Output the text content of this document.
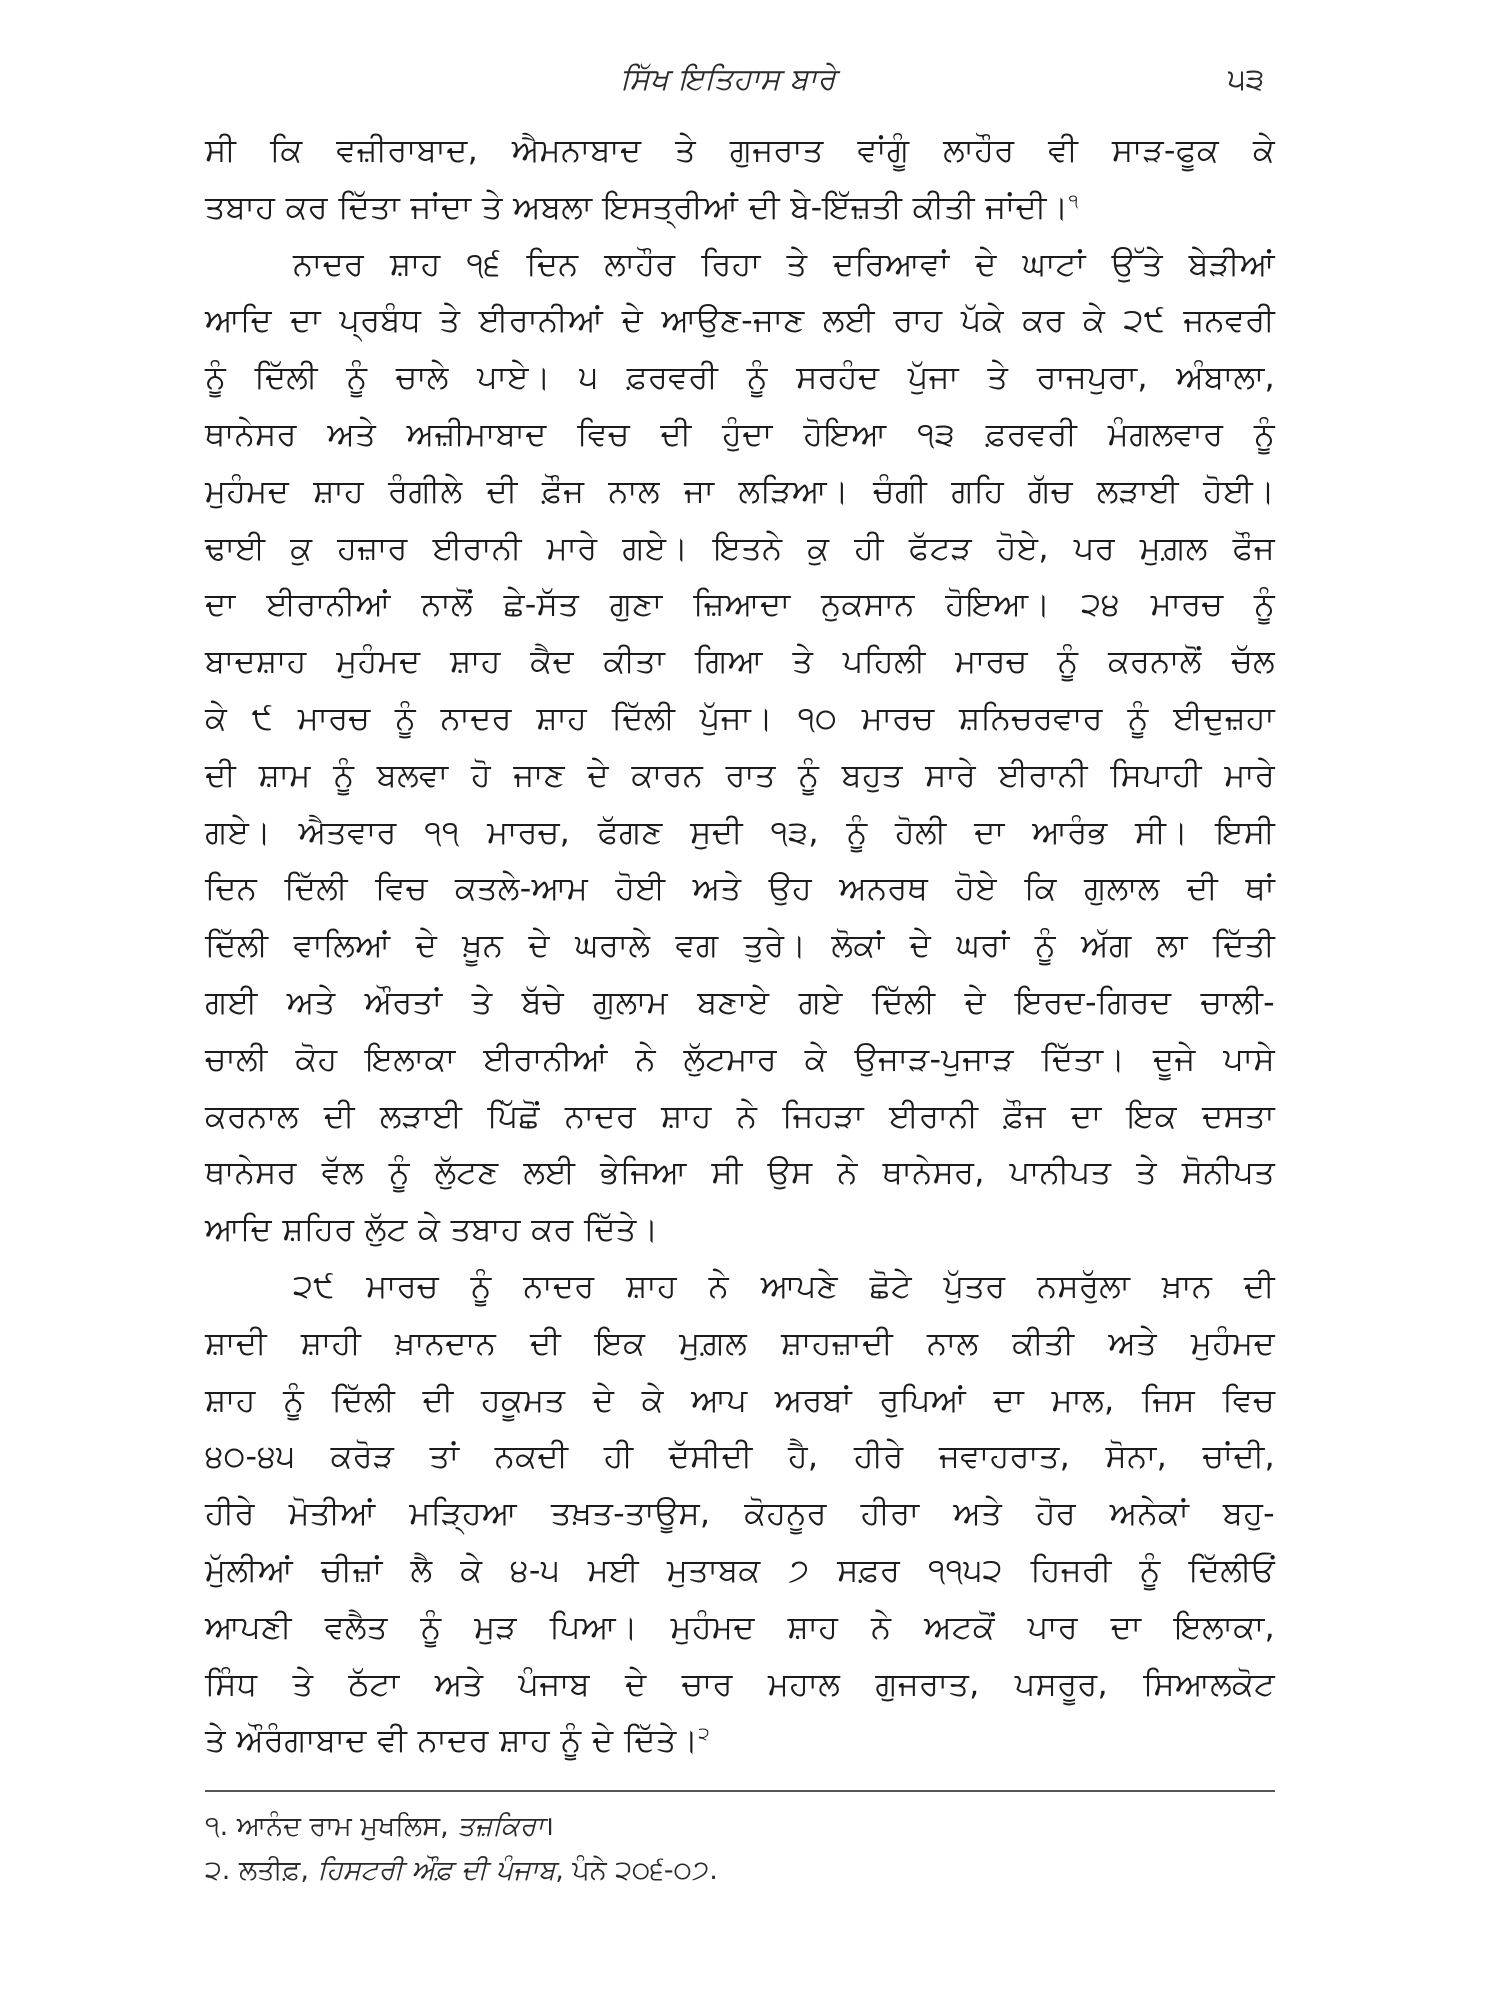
ਸਿੱਖ ਇਤਿਹਾਸ ਬਾਰੇ	੫੩
ਸੀ ਕਿ ਵਜ਼ੀਰਾਬਾਦ, ਐਮਨਾਬਾਦ ਤੇ ਗੁਜਰਾਤ ਵਾਂਗੂੰ ਲਾਹੌਰ ਵੀ ਸਾੜ-ਫੂਕ ਕੇ
ਤਬਾਹ ਕਰ ਦਿੱਤਾ ਜਾਂਦਾ ਤੇ ਅਬਲਾ ਇਸਤ੍ਰੀਆਂ ਦੀ ਬੇ-ਇੱਜ਼ਤੀ ਕੀਤੀ ਜਾਂਦੀ।$^੧$
ਨਾਦਰ ਸ਼ਾਹ ੧੬ ਦਿਨ ਲਾਹੌਰ ਰਿਹਾ ਤੇ ਦਰਿਆਵਾਂ ਦੇ ਘਾਟਾਂ ਉੱਤੇ ਬੇੜੀਆਂ
ਆਦਿ ਦਾ ਪ੍ਰਬੰਧ ਤੇ ਈਰਾਨੀਆਂ ਦੇ ਆਉਣ-ਜਾਣ ਲਈ ਰਾਹ ਪੱਕੇ ਕਰ ਕੇ ੨੯ ਜਨਵਰੀ
ਨੂੰ ਦਿੱਲੀ ਨੂੰ ਚਾਲੇ ਪਾਏ। ੫ ਫ਼ਰਵਰੀ ਨੂੰ ਸਰਹੰਦ ਪੁੱਜਾ ਤੇ ਰਾਜਪੁਰਾ, ਅੰਬਾਲਾ,
ਥਾਨੇਸਰ ਅਤੇ ਅਜ਼ੀਮਾਬਾਦ ਵਿਚ ਦੀ ਹੁੰਦਾ ਹੋਇਆ ੧੩ ਫ਼ਰਵਰੀ ਮੰਗਲਵਾਰ ਨੂੰ
ਮੁਹੰਮਦ ਸ਼ਾਹ ਰੰਗੀਲੇ ਦੀ ਫ਼ੌਜ ਨਾਲ ਜਾ ਲੜਿਆ। ਚੰਗੀ ਗਹਿ ਗੱਚ ਲੜਾਈ ਹੋਈ।
ਢਾਈ ਕੁ ਹਜ਼ਾਰ ਈਰਾਨੀ ਮਾਰੇ ਗਏ। ਇਤਨੇ ਕੁ ਹੀ ਫੱਟੜ ਹੋਏ, ਪਰ ਮੁਗ਼ਲ ਫੌਜ
ਦਾ ਈਰਾਨੀਆਂ ਨਾਲੋਂ ਛੇ-ਸੱਤ ਗੁਣਾ ਜ਼ਿਆਦਾ ਨੁਕਸਾਨ ਹੋਇਆ। ੨੪ ਮਾਰਚ ਨੂੰ
ਬਾਦਸ਼ਾਹ ਮੁਹੰਮਦ ਸ਼ਾਹ ਕੈਦ ਕੀਤਾ ਗਿਆ ਤੇ ਪਹਿਲੀ ਮਾਰਚ ਨੂੰ ਕਰਨਾਲੋਂ ਚੱਲ
ਕੇ ੯ ਮਾਰਚ ਨੂੰ ਨਾਦਰ ਸ਼ਾਹ ਦਿੱਲੀ ਪੁੱਜਾ। ੧੦ ਮਾਰਚ ਸ਼ਨਿਚਰਵਾਰ ਨੂੰ ਈਦੁਜ਼ਹਾ
ਦੀ ਸ਼ਾਮ ਨੂੰ ਬਲਵਾ ਹੋ ਜਾਣ ਦੇ ਕਾਰਨ ਰਾਤ ਨੂੰ ਬਹੁਤ ਸਾਰੇ ਈਰਾਨੀ ਸਿਪਾਹੀ ਮਾਰੇ
ਗਏ। ਐਤਵਾਰ ੧੧ ਮਾਰਚ, ਫੱਗਣ ਸੁਦੀ ੧੩, ਨੂੰ ਹੋਲੀ ਦਾ ਆਰੰਭ ਸੀ। ਇਸੀ
ਦਿਨ ਦਿੱਲੀ ਵਿਚ ਕਤਲੇ-ਆਮ ਹੋਈ ਅਤੇ ਉਹ ਅਨਰਥ ਹੋਏ ਕਿ ਗੁਲਾਲ ਦੀ ਥਾਂ
ਦਿੱਲੀ ਵਾਲਿਆਂ ਦੇ ਖ਼ੂਨ ਦੇ ਘਰਾਲੇ ਵਗ ਤੁਰੇ। ਲੋਕਾਂ ਦੇ ਘਰਾਂ ਨੂੰ ਅੱਗ ਲਾ ਦਿੱਤੀ
ਗਈ ਅਤੇ ਔਰਤਾਂ ਤੇ ਬੱਚੇ ਗੁਲਾਮ ਬਣਾਏ ਗਏ ਦਿੱਲੀ ਦੇ ਇਰਦ-ਗਿਰਦ ਚਾਲੀ-
ਚਾਲੀ ਕੋਹ ਇਲਾਕਾ ਈਰਾਨੀਆਂ ਨੇ ਲੁੱਟਮਾਰ ਕੇ ਉਜਾੜ-ਪੁਜਾੜ ਦਿੱਤਾ। ਦੂਜੇ ਪਾਸੇ
ਕਰਨਾਲ ਦੀ ਲੜਾਈ ਪਿੱਛੋਂ ਨਾਦਰ ਸ਼ਾਹ ਨੇ ਜਿਹੜਾ ਈਰਾਨੀ ਫ਼ੌਜ ਦਾ ਇਕ ਦਸਤਾ
ਥਾਨੇਸਰ ਵੱਲ ਨੂੰ ਲੁੱਟਣ ਲਈ ਭੇਜਿਆ ਸੀ ਉਸ ਨੇ ਥਾਨੇਸਰ, ਪਾਨੀਪਤ ਤੇ ਸੋਨੀਪਤ
ਆਦਿ ਸ਼ਹਿਰ ਲੁੱਟ ਕੇ ਤਬਾਹ ਕਰ ਦਿੱਤੇ।
੨੯ ਮਾਰਚ ਨੂੰ ਨਾਦਰ ਸ਼ਾਹ ਨੇ ਆਪਣੇ ਛੋਟੇ ਪੁੱਤਰ ਨਸਰੁੱਲਾ ਖ਼ਾਨ ਦੀ
ਸ਼ਾਦੀ ਸ਼ਾਹੀ ਖ਼ਾਨਦਾਨ ਦੀ ਇਕ ਮੁਗ਼ਲ ਸ਼ਾਹਜ਼ਾਦੀ ਨਾਲ ਕੀਤੀ ਅਤੇ ਮੁਹੰਮਦ
ਸ਼ਾਹ ਨੂੰ ਦਿੱਲੀ ਦੀ ਹਕੂਮਤ ਦੇ ਕੇ ਆਪ ਅਰਬਾਂ ਰੁਪਿਆਂ ਦਾ ਮਾਲ, ਜਿਸ ਵਿਚ
੪੦-੪੫ ਕਰੋੜ ਤਾਂ ਨਕਦੀ ਹੀ ਦੱਸੀਦੀ ਹੈ, ਹੀਰੇ ਜਵਾਹਰਾਤ, ਸੋਨਾ, ਚਾਂਦੀ,
ਹੀਰੇ ਮੋਤੀਆਂ ਮੜ੍ਹਿਆ ਤਖ਼ਤ-ਤਾਊਸ, ਕੋਹਨੂਰ ਹੀਰਾ ਅਤੇ ਹੋਰ ਅਨੇਕਾਂ ਬਹੁ-
ਮੁੱਲੀਆਂ ਚੀਜ਼ਾਂ ਲੈ ਕੇ ੪-੫ ਮਈ ਮੁਤਾਬਕ ੭ ਸਫ਼ਰ ੧੧੫੨ ਹਿਜਰੀ ਨੂੰ ਦਿੱਲੀਓਂ
ਆਪਣੀ ਵਲੈਤ ਨੂੰ ਮੁੜ ਪਿਆ। ਮੁਹੰਮਦ ਸ਼ਾਹ ਨੇ ਅਟਕੋਂ ਪਾਰ ਦਾ ਇਲਾਕਾ,
ਸਿੰਧ ਤੇ ਠੱਟਾ ਅਤੇ ਪੰਜਾਬ ਦੇ ਚਾਰ ਮਹਾਲ ਗੁਜਰਾਤ, ਪਸਰੂਰ, ਸਿਆਲਕੋਟ
ਤੇ ਔਰੰਗਾਬਾਦ ਵੀ ਨਾਦਰ ਸ਼ਾਹ ਨੂੰ ਦੇ ਦਿੱਤੇ।$^੨$
੧. ਆਨੰਦ ਰਾਮ ਮੁਖਲਿਸ, ਤਜ਼ਕਿਰਾ।
੨. ਲਤੀਫ਼, ਹਿਸਟਰੀ ਔਫ਼ ਦੀ ਪੰਜਾਬ, ਪੰਨੇ ੨੦੬-੦੭.
